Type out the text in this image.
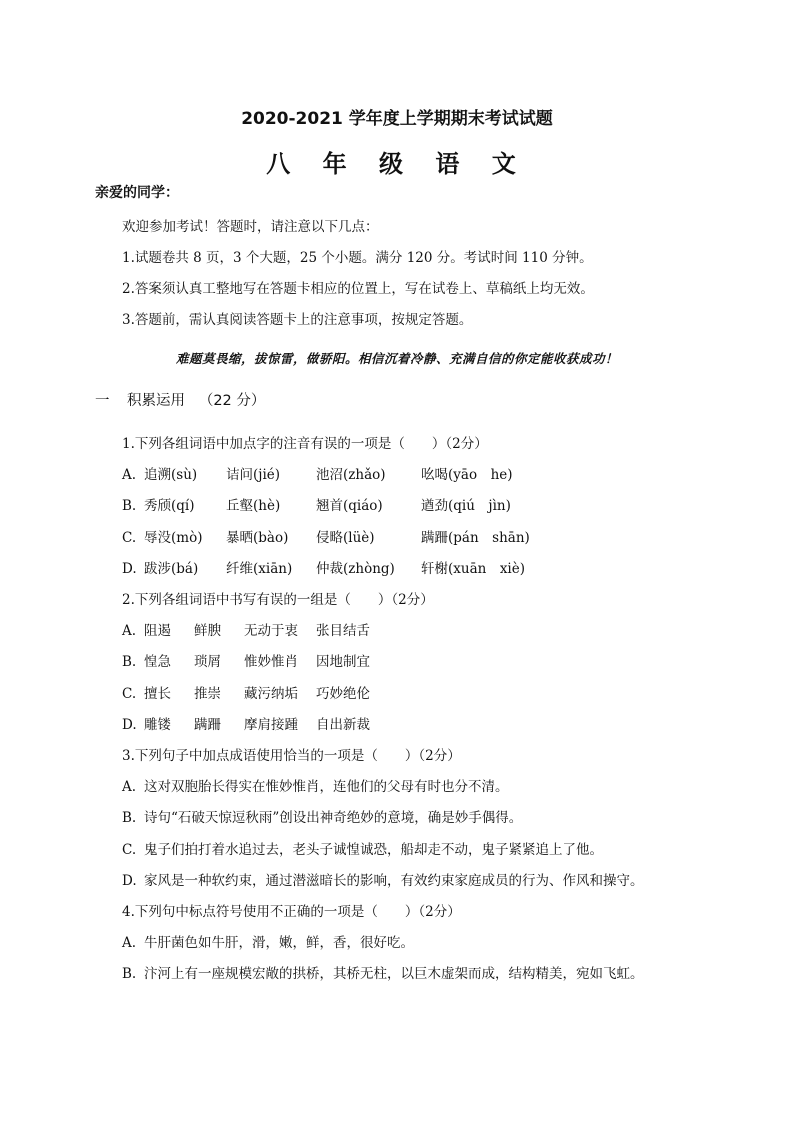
2020-2021 学年度上学期期末考试试题
八 年 级 语 文
亲爱的同学：
欢迎参加考试！答题时，请注意以下几点：
1.试题卷共 8 页，3 个大题，25 个小题。满分 120 分。考试时间 110 分钟。
2.答案须认真工整地写在答题卡相应的位置上，写在试卷上、草稿纸上均无效。
3.答题前，需认真阅读答题卡上的注意事项，按规定答题。
难题莫畏缩，拔惊雷，做骄阳。相信沉着冷静、充满自信的你定能收获成功！
一 积累运用 （22 分）
1.下列各组词语中加点字的注音有误的一项是（　　）（2分）
A. 追溯(sù) 诘问(jié)	池沼(zhǎo)	吆喝(yāo　he)
B. 秀颀(qí) 丘壑(hè)	翘首(qiáo)	遒劲(qiú　jìn)
C. 辱没(mò) 暴晒(bào) 侵略(lüè)	蹒跚(pán　shān)
D. 跋涉(bá) 纤维(xiān) 仲裁(zhòng) 轩榭(xuān　xiè)
2.下列各组词语中书写有误的一组是（　　）（2分）
A. 阻遏 鲜腴 无动于衷 张目结舌
B. 惶急 琐屑 惟妙惟肖 因地制宜
C. 擅长 推崇 藏污纳垢 巧妙绝伦
D. 雕镂 蹒跚 摩肩接踵 自出新裁
3.下列句子中加点成语使用恰当的一项是（　　）（2分）
A. 这对双胞胎长得实在惟妙惟肖，连他们的父母有时也分不清。
B. 诗句“石破天惊逗秋雨”创设出神奇绝妙的意境，确是妙手偶得。
C. 鬼子们拍打着水追过去，老头子诚惶诚恐，船却走不动，鬼子紧紧追上了他。
D. 家风是一种软约束，通过潜滋暗长的影响，有效约束家庭成员的行为、作风和操守。
4.下列句中标点符号使用不正确的一项是（　　）（2分）
A. 牛肝菌色如牛肝，滑，嫩，鲜，香，很好吃。
B. 汴河上有一座规模宏敞的拱桥，其桥无柱，以巨木虚架而成，结构精美，宛如飞虹。
